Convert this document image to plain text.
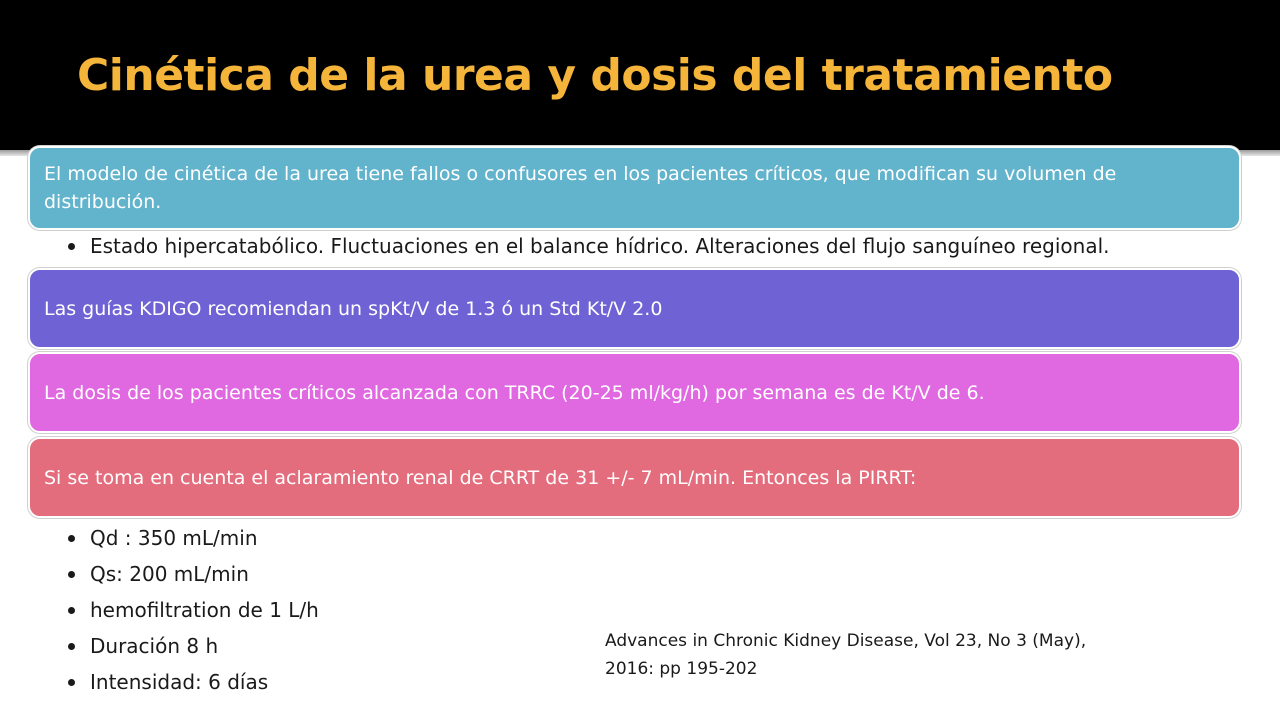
Cinética de la urea y dosis del tratamiento
El modelo de cinética de la urea tiene fallos o confusores en los pacientes críticos, que modifican su volumen de distribución.
Estado hipercatabólico. Fluctuaciones en el balance hídrico. Alteraciones del flujo sanguíneo regional.
Las guías KDIGO recomiendan un spKt/V de 1.3 ó un Std Kt/V 2.0
La dosis de los pacientes críticos alcanzada con TRRC (20-25 ml/kg/h) por semana es de Kt/V de 6.
Si se toma en cuenta el aclaramiento renal de CRRT de 31 +/- 7 mL/min. Entonces la PIRRT:
Qd : 350 mL/min
Qs: 200 mL/min
hemofiltration de 1 L/h
Duración 8 h
Intensidad: 6 días
Advances in Chronic Kidney Disease, Vol 23, No 3 (May),
2016: pp 195-202
